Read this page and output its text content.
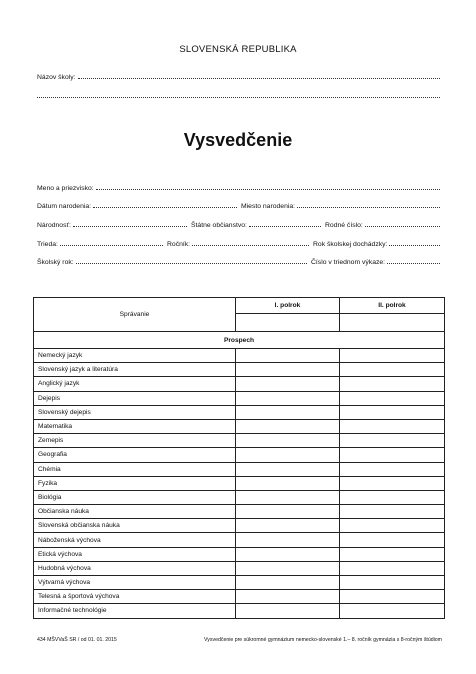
SLOVENSKÁ REPUBLIKA
Názov školy:
Vysvedčenie
Meno a priezvisko:
Dátum narodenia:	Miesto narodenia:
Národnosť:	Štátne občianstvo:	Rodné číslo:
Trieda:	Ročník:	Rok školskej dochádzky:
Školský rok:	Číslo v triednom výkaze:
Správanie	I. polrok	II. polrok

Prospech		
Nemecký jazyk		
Slovenský jazyk a literatúra		
Anglický jazyk		
Dejepis		
Slovenský dejepis		
Matematika		
Zemepis		
Geografia		
Chémia		
Fyzika		
Biológia		
Občianska náuka		
Slovenská občianska náuka		
Náboženská výchova		
Etická výchova		
Hudobná výchova		
Výtvarná výchova		
Telesná a športová výchova		
Informačné technológie		
434 MŠVVaŠ SR / od 01. 01. 2015	Vysvedčenie pre súkromné gymnázium nemecko-slovenské 1.– 8. ročník gymnázia s 8-ročným štúdiom
